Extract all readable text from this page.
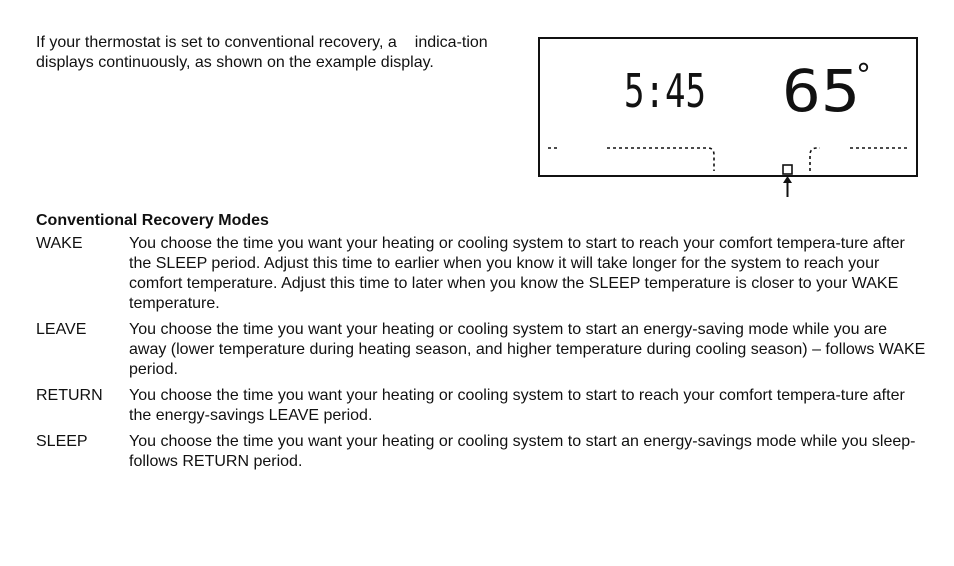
If your thermostat is set to conventional recovery, a indica-tion displays continuously, as shown on the example display.

5:45 65
°
Conventional Recovery Modes
WAKE	You choose the time you want your heating or cooling system to start to reach your comfort tempera-ture after the SLEEP period. Adjust this time to earlier when you know it will take longer for the system to reach your comfort temperature. Adjust this time to later when you know the SLEEP temperature is closer to your WAKE temperature.
LEAVE	You choose the time you want your heating or cooling system to start an energy-saving mode while you are away (lower temperature during heating season, and higher temperature during cooling season) – follows WAKE period.
RETURN	You choose the time you want your heating or cooling system to start to reach your comfort tempera-ture after the energy-savings LEAVE period.
SLEEP	You choose the time you want your heating or cooling system to start an energy-savings mode while you sleep-follows RETURN period.
